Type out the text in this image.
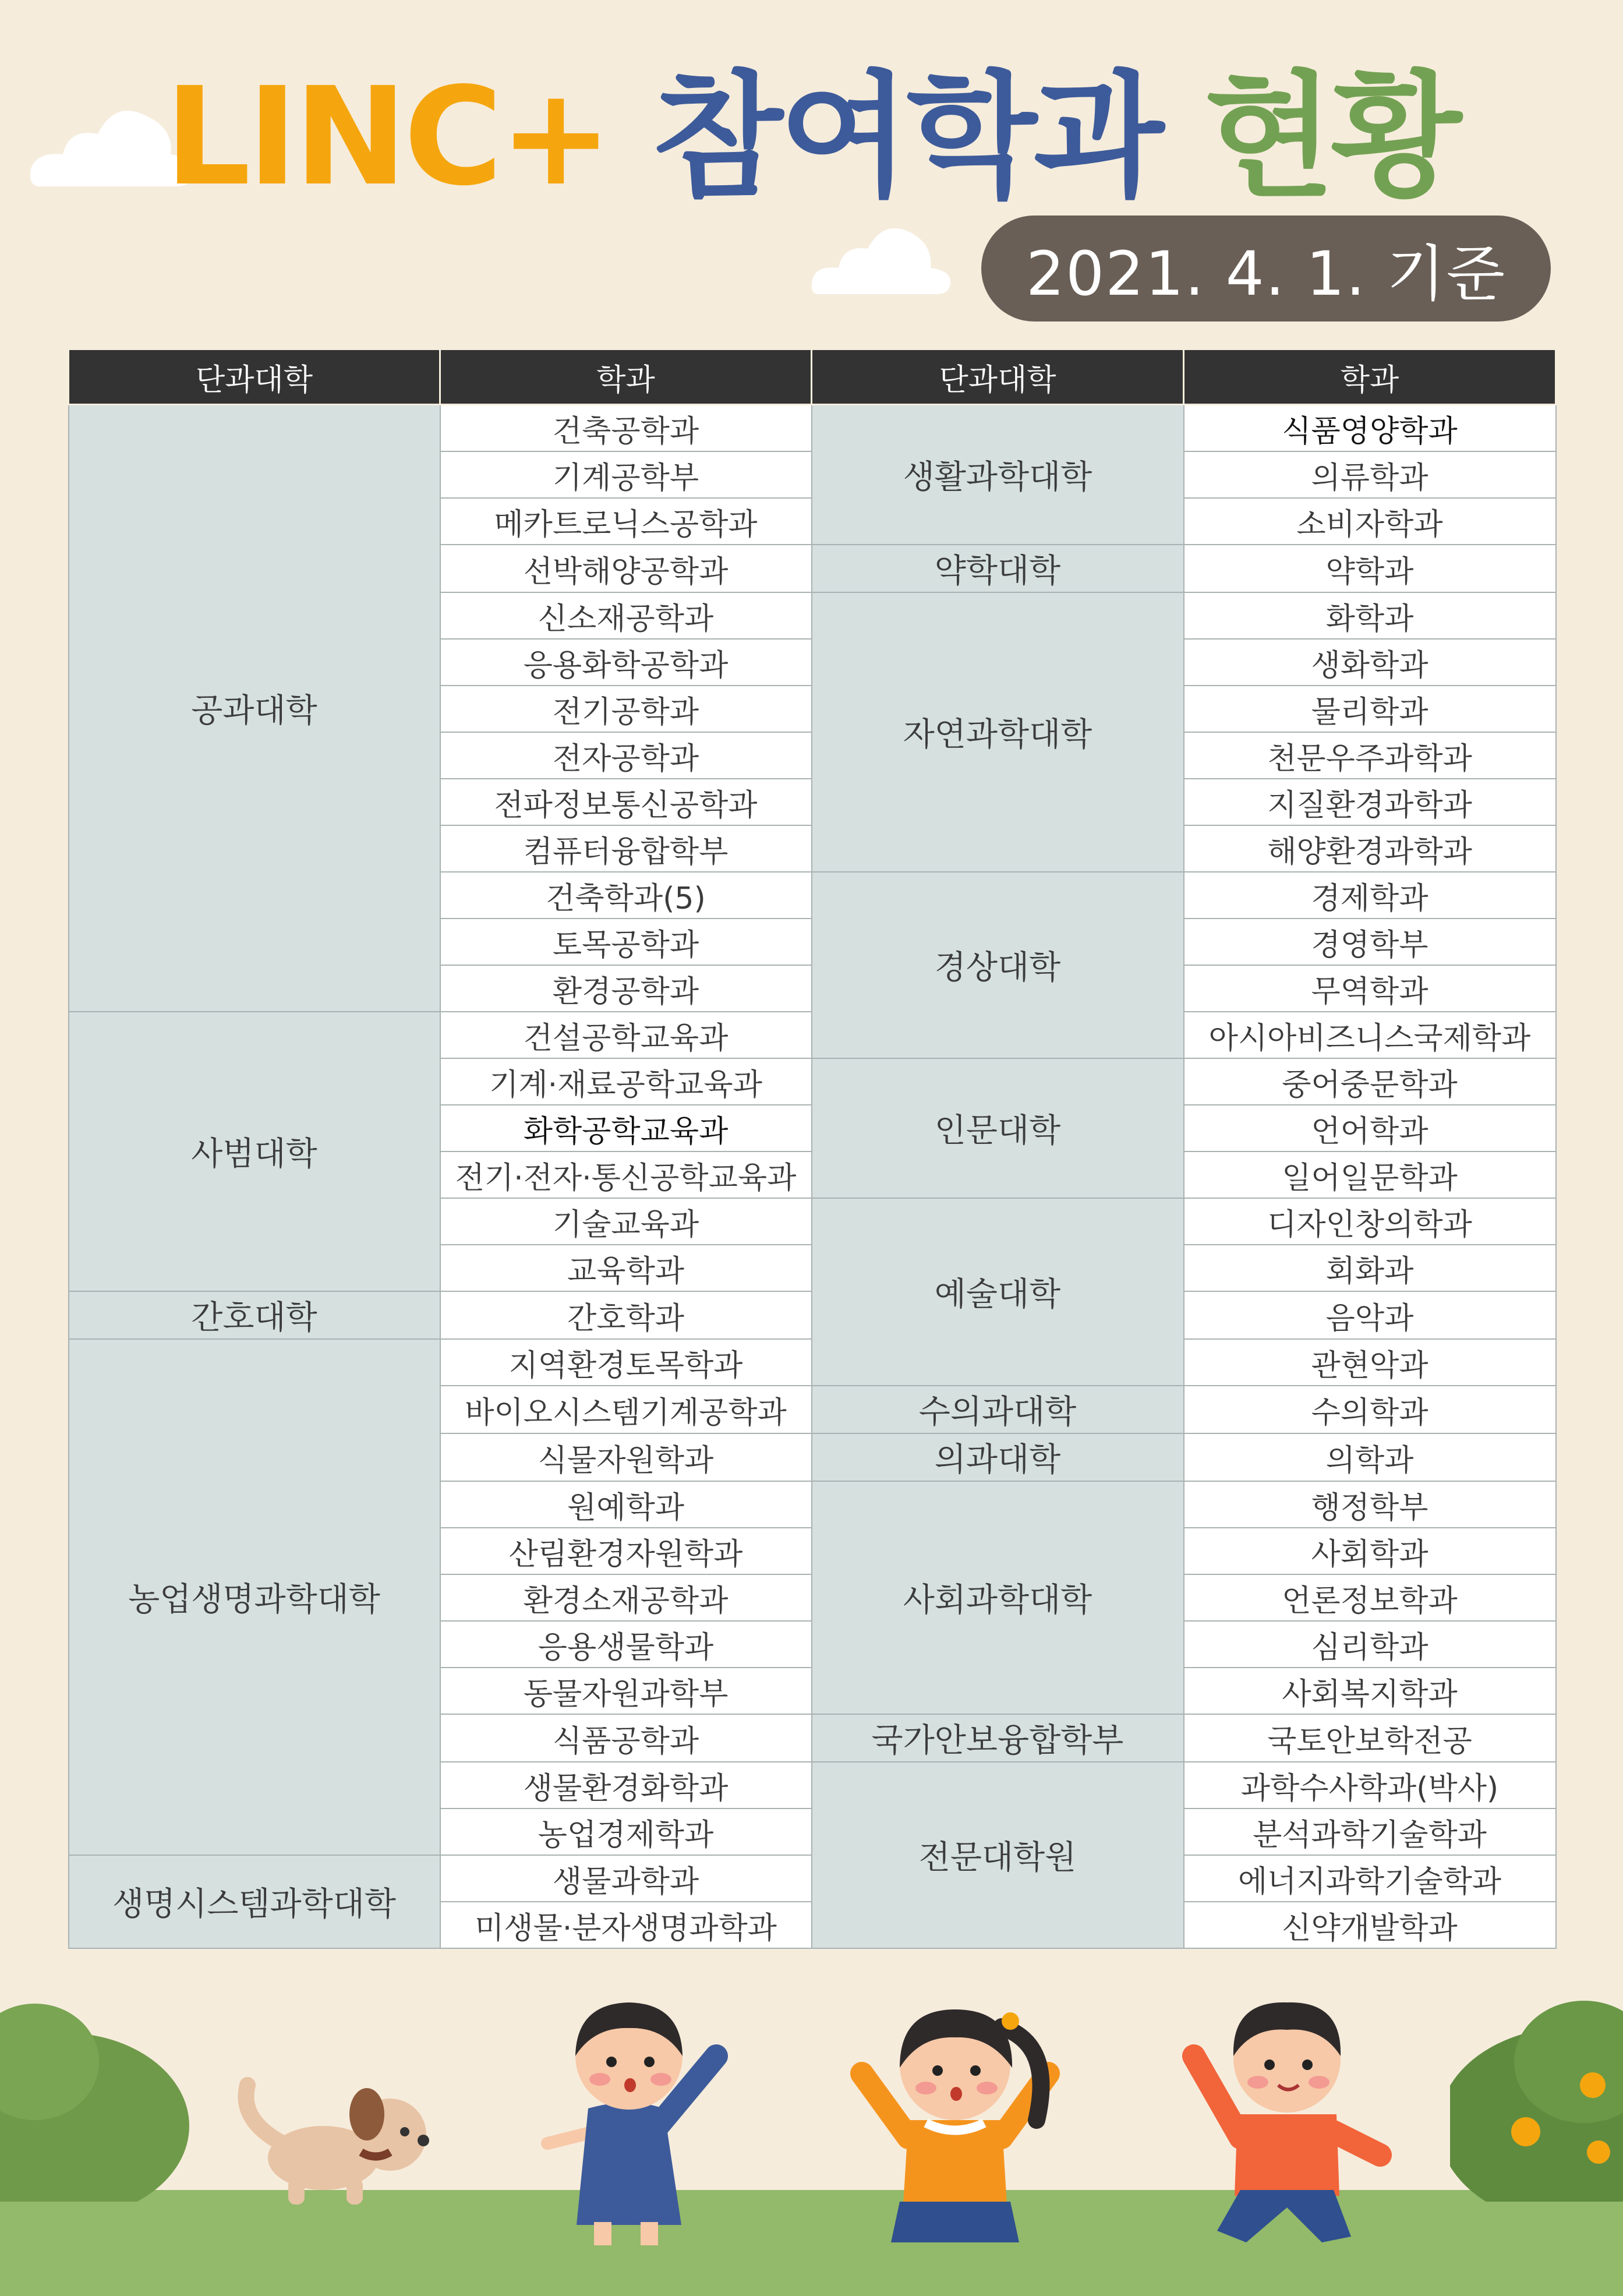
LINC+ 참여학과 현황
2021. 4. 1. 기준
단과대학	학과	단과대학	학과
공과대학	건축공학과	생활과학대학	식품영양학과
	기계공학부		의류학과
	메카트로닉스공학과		소비자학과
	선박해양공학과	약학대학	약학과
	신소재공학과	자연과학대학	화학과
	응용화학공학과		생화학과
	전기공학과		물리학과
	전자공학과		천문우주과학과
	전파정보통신공학과		지질환경과학과
	컴퓨터융합학부		해양환경과학과
	건축학과(5)	경상대학	경제학과
	토목공학과		경영학부
	환경공학과		무역학과
사범대학	건설공학교육과		아시아비즈니스국제학과
	기계·재료공학교육과	인문대학	중어중문학과
	화학공학교육과		언어학과
	전기·전자·통신공학교육과		일어일문학과
	기술교육과	예술대학	디자인창의학과
	교육학과		회화과
간호대학	간호학과		음악과
농업생명과학대학	지역환경토목학과		관현악과
	바이오시스템기계공학과	수의과대학	수의학과
	식물자원학과	의과대학	의학과
	원예학과	사회과학대학	행정학부
	산림환경자원학과		사회학과
	환경소재공학과		언론정보학과
	응용생물학과		심리학과
	동물자원과학부		사회복지학과
	식품공학과	국가안보융합학부	국토안보학전공
	생물환경화학과	전문대학원	과학수사학과(박사)
	농업경제학과		분석과학기술학과
생명시스템과학대학	생물과학과		에너지과학기술학과
	미생물·분자생명과학과		신약개발학과
